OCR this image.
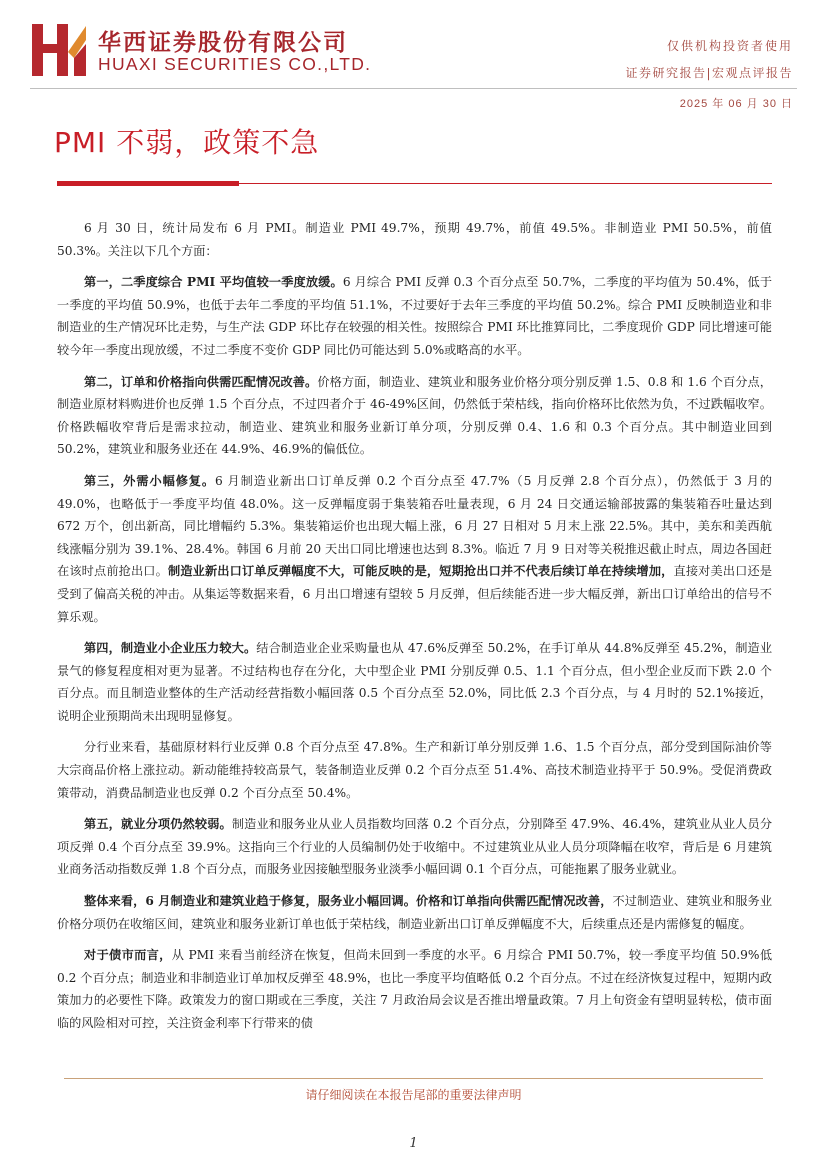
华西证券股份有限公司
HUAXI SECURITIES CO.,LTD.
仅供机构投资者使用
证券研究报告|宏观点评报告
2025 年 06 月 30 日
PMI 不弱，政策不急

6 月 30 日，统计局发布 6 月 PMI。制造业 PMI 49.7%，预期 49.7%，前值 49.5%。非制造业 PMI 50.5%，前值 50.3%。关注以下几个方面：

第一，二季度综合 PMI 平均值较一季度放缓。6 月综合 PMI 反弹 0.3 个百分点至 50.7%，二季度的平均值为 50.4%，低于一季度的平均值 50.9%，也低于去年二季度的平均值 51.1%，不过要好于去年三季度的平均值 50.2%。综合 PMI 反映制造业和非制造业的生产情况环比走势，与生产法 GDP 环比存在较强的相关性。按照综合 PMI 环比推算同比，二季度现价 GDP 同比增速可能较今年一季度出现放缓，不过二季度不变价 GDP 同比仍可能达到 5.0%或略高的水平。

第二，订单和价格指向供需匹配情况改善。价格方面，制造业、建筑业和服务业价格分项分别反弹 1.5、0.8 和 1.6 个百分点，制造业原材料购进价也反弹 1.5 个百分点，不过四者介于 46-49%区间，仍然低于荣枯线，指向价格环比依然为负，不过跌幅收窄。价格跌幅收窄背后是需求拉动，制造业、建筑业和服务业新订单分项，分别反弹 0.4、1.6 和 0.3 个百分点。其中制造业回到 50.2%，建筑业和服务业还在 44.9%、46.9%的偏低位。

第三，外需小幅修复。6 月制造业新出口订单反弹 0.2 个百分点至 47.7%（5 月反弹 2.8 个百分点），仍然低于 3 月的 49.0%，也略低于一季度平均值 48.0%。这一反弹幅度弱于集装箱吞吐量表现，6 月 24 日交通运输部披露的集装箱吞吐量达到 672 万个，创出新高，同比增幅约 5.3%。集装箱运价也出现大幅上涨，6 月 27 日相对 5 月末上涨 22.5%。其中，美东和美西航线涨幅分别为 39.1%、28.4%。韩国 6 月前 20 天出口同比增速也达到 8.3%。临近 7 月 9 日对等关税推迟截止时点，周边各国赶在该时点前抢出口。制造业新出口订单反弹幅度不大，可能反映的是，短期抢出口并不代表后续订单在持续增加，直接对美出口还是受到了偏高关税的冲击。从集运等数据来看，6 月出口增速有望较 5 月反弹，但后续能否进一步大幅反弹，新出口订单给出的信号不算乐观。

第四，制造业小企业压力较大。结合制造业企业采购量也从 47.6%反弹至 50.2%，在手订单从 44.8%反弹至 45.2%，制造业景气的修复程度相对更为显著。不过结构也存在分化，大中型企业 PMI 分别反弹 0.5、1.1 个百分点，但小型企业反而下跌 2.0 个百分点。而且制造业整体的生产活动经营指数小幅回落 0.5 个百分点至 52.0%，同比低 2.3 个百分点，与 4 月时的 52.1%接近，说明企业预期尚未出现明显修复。

分行业来看，基础原材料行业反弹 0.8 个百分点至 47.8%。生产和新订单分别反弹 1.6、1.5 个百分点，部分受到国际油价等大宗商品价格上涨拉动。新动能维持较高景气，装备制造业反弹 0.2 个百分点至 51.4%、高技术制造业持平于 50.9%。受促消费政策带动，消费品制造业也反弹 0.2 个百分点至 50.4%。

第五，就业分项仍然较弱。制造业和服务业从业人员指数均回落 0.2 个百分点，分别降至 47.9%、46.4%，建筑业从业人员分项反弹 0.4 个百分点至 39.9%。这指向三个行业的人员编制仍处于收缩中。不过建筑业从业人员分项降幅在收窄，背后是 6 月建筑业商务活动指数反弹 1.8 个百分点，而服务业因接触型服务业淡季小幅回调 0.1 个百分点，可能拖累了服务业就业。

整体来看，6 月制造业和建筑业趋于修复，服务业小幅回调。价格和订单指向供需匹配情况改善，不过制造业、建筑业和服务业价格分项仍在收缩区间，建筑业和服务业新订单也低于荣枯线，制造业新出口订单反弹幅度不大，后续重点还是内需修复的幅度。

对于债市而言，从 PMI 来看当前经济在恢复，但尚未回到一季度的水平。6 月综合 PMI 50.7%，较一季度平均值 50.9%低 0.2 个百分点；制造业和非制造业订单加权反弹至 48.9%，也比一季度平均值略低 0.2 个百分点。不过在经济恢复过程中，短期内政策加力的必要性下降。政策发力的窗口期或在三季度，关注 7 月政治局会议是否推出增量政策。7 月上旬资金有望明显转松，债市面临的风险相对可控，关注资金利率下行带来的债

请仔细阅读在本报告尾部的重要法律声明
1
